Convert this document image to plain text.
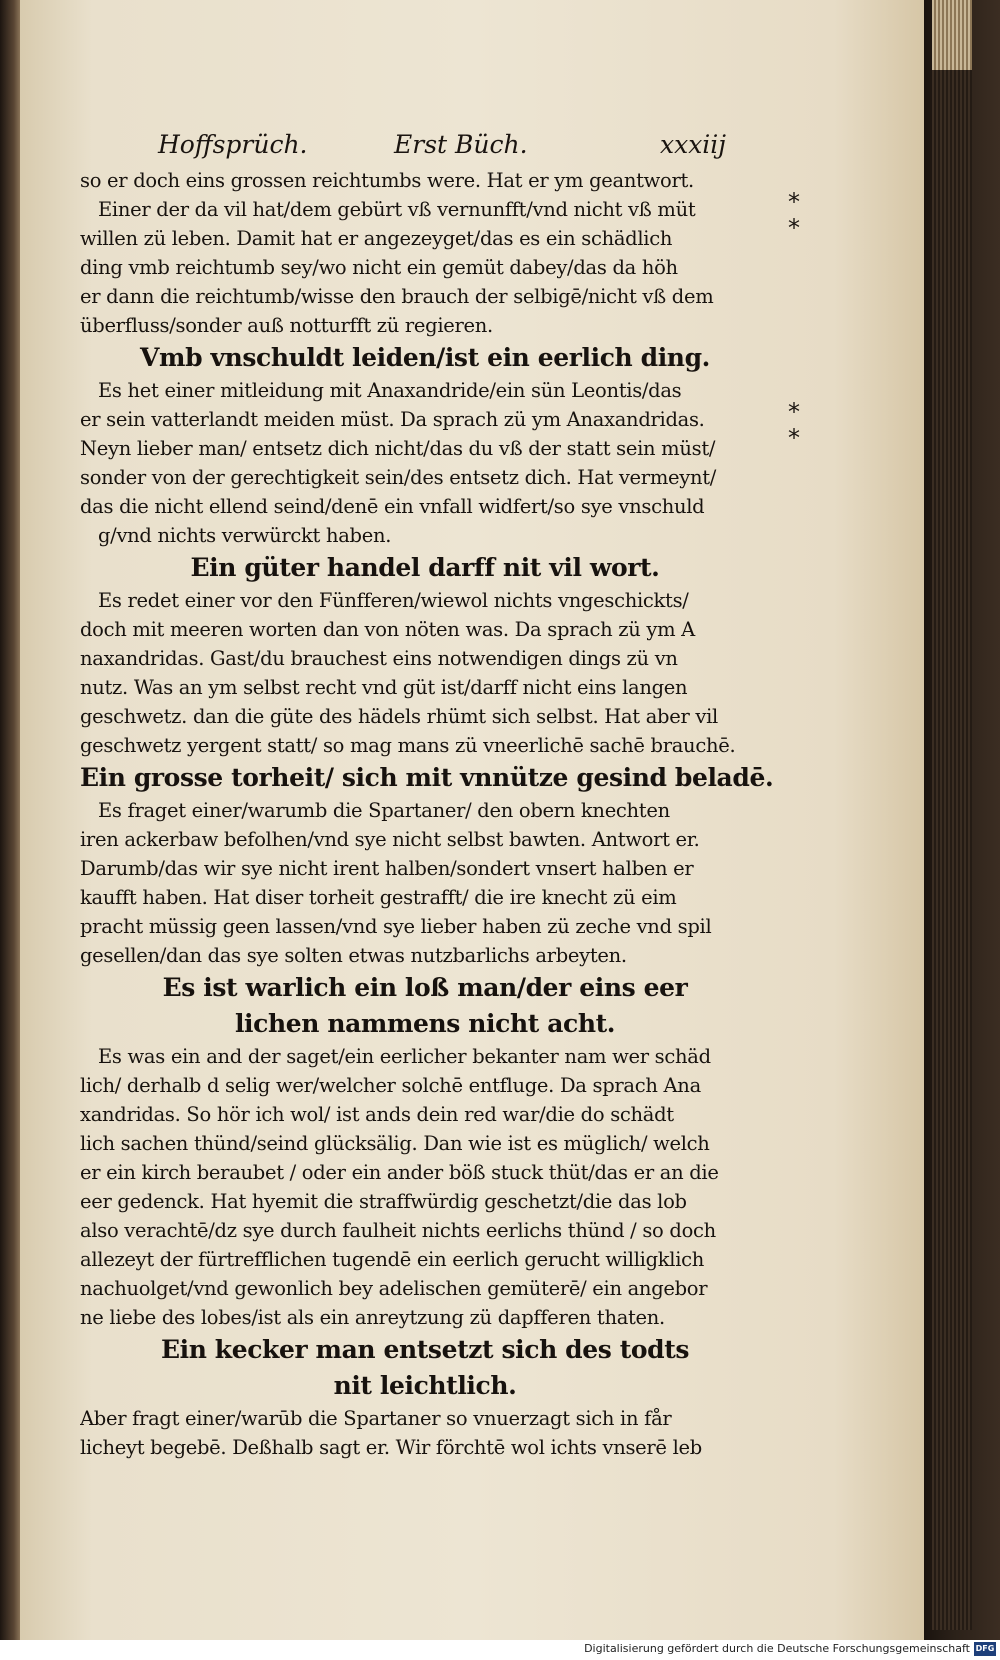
Hoffsprüch.	Erst Büch.	xxxiij
so er doch eins grossen reichtumbs were. Hat er ym geantwort.
Einer der da vil hat/dem gebürt vß vernunfft/vnd nicht vß müt
willen zü leben. Damit hat er angezeyget/das es ein schädlich
ding vmb reichtumb sey/wo nicht ein gemüt dabey/das da höh
er dann die reichtumb/wisse den brauch der selbigē/nicht vß dem
überfluss/sonder auß notturfft zü regieren.
Vmb vnschuldt leiden/ist ein eerlich ding.
Es het einer mitleidung mit Anaxandride/ein sün Leontis/das
er sein vatterlandt meiden müst. Da sprach zü ym Anaxandridas.
Neyn lieber man/ entsetz dich nicht/das du vß der statt sein müst/
sonder von der gerechtigkeit sein/des entsetz dich. Hat vermeynt/
das die nicht ellend seind/denē ein vnfall widfert/so sye vnschuld
g/vnd nichts verwürckt haben.
Ein güter handel darff nit vil wort.
Es redet einer vor den Fünfferen/wiewol nichts vngeschickts/
doch mit meeren worten dan von nöten was. Da sprach zü ym A
naxandridas. Gast/du brauchest eins notwendigen dings zü vn
nutz. Was an ym selbst recht vnd güt ist/darff nicht eins langen
geschwetz. dan die güte des hädels rhümt sich selbst. Hat aber vil
geschwetz yergent statt/ so mag mans zü vneerlichē sachē brauchē.
Ein grosse torheit/ sich mit vnnütze gesind beladē.
Es fraget einer/warumb die Spartaner/ den obern knechten
iren ackerbaw befolhen/vnd sye nicht selbst bawten. Antwort er.
Darumb/das wir sye nicht irent halben/sondert vnsert halben er
kaufft haben. Hat diser torheit gestrafft/ die ire knecht zü eim
pracht müssig geen lassen/vnd sye lieber haben zü zeche vnd spil
gesellen/dan das sye solten etwas nutzbarlichs arbeyten.
Es ist warlich ein loß man/der eins eer
lichen nammens nicht acht.
Es was ein and der saget/ein eerlicher bekanter nam wer schäd
lich/ derhalb d selig wer/welcher solchē entfluge. Da sprach Ana
xandridas. So hör ich wol/ ist ands dein red war/die do schädt
lich sachen thünd/seind glücksälig. Dan wie ist es müglich/ welch
er ein kirch beraubet / oder ein ander böß stuck thüt/das er an die
eer gedenck. Hat hyemit die straffwürdig geschetzt/die das lob
also verachtē/dz sye durch faulheit nichts eerlichs thünd / so doch
allezeyt der fürtrefflichen tugendē ein eerlich gerucht willigklich
nachuolget/vnd gewonlich bey adelischen gemüterē/ ein angebor
ne liebe des lobes/ist als ein anreytzung zü dapfferen thaten.
Ein kecker man entsetzt sich des todts
nit leichtlich.
Aber fragt einer/warūb die Spartaner so vnuerzagt sich in får
licheyt begebē. Deßhalb sagt er. Wir förchtē wol ichts vnserē leb
*
*
*
*
Digitalisierung gefördert durch die Deutsche Forschungsgemeinschaft DFG
